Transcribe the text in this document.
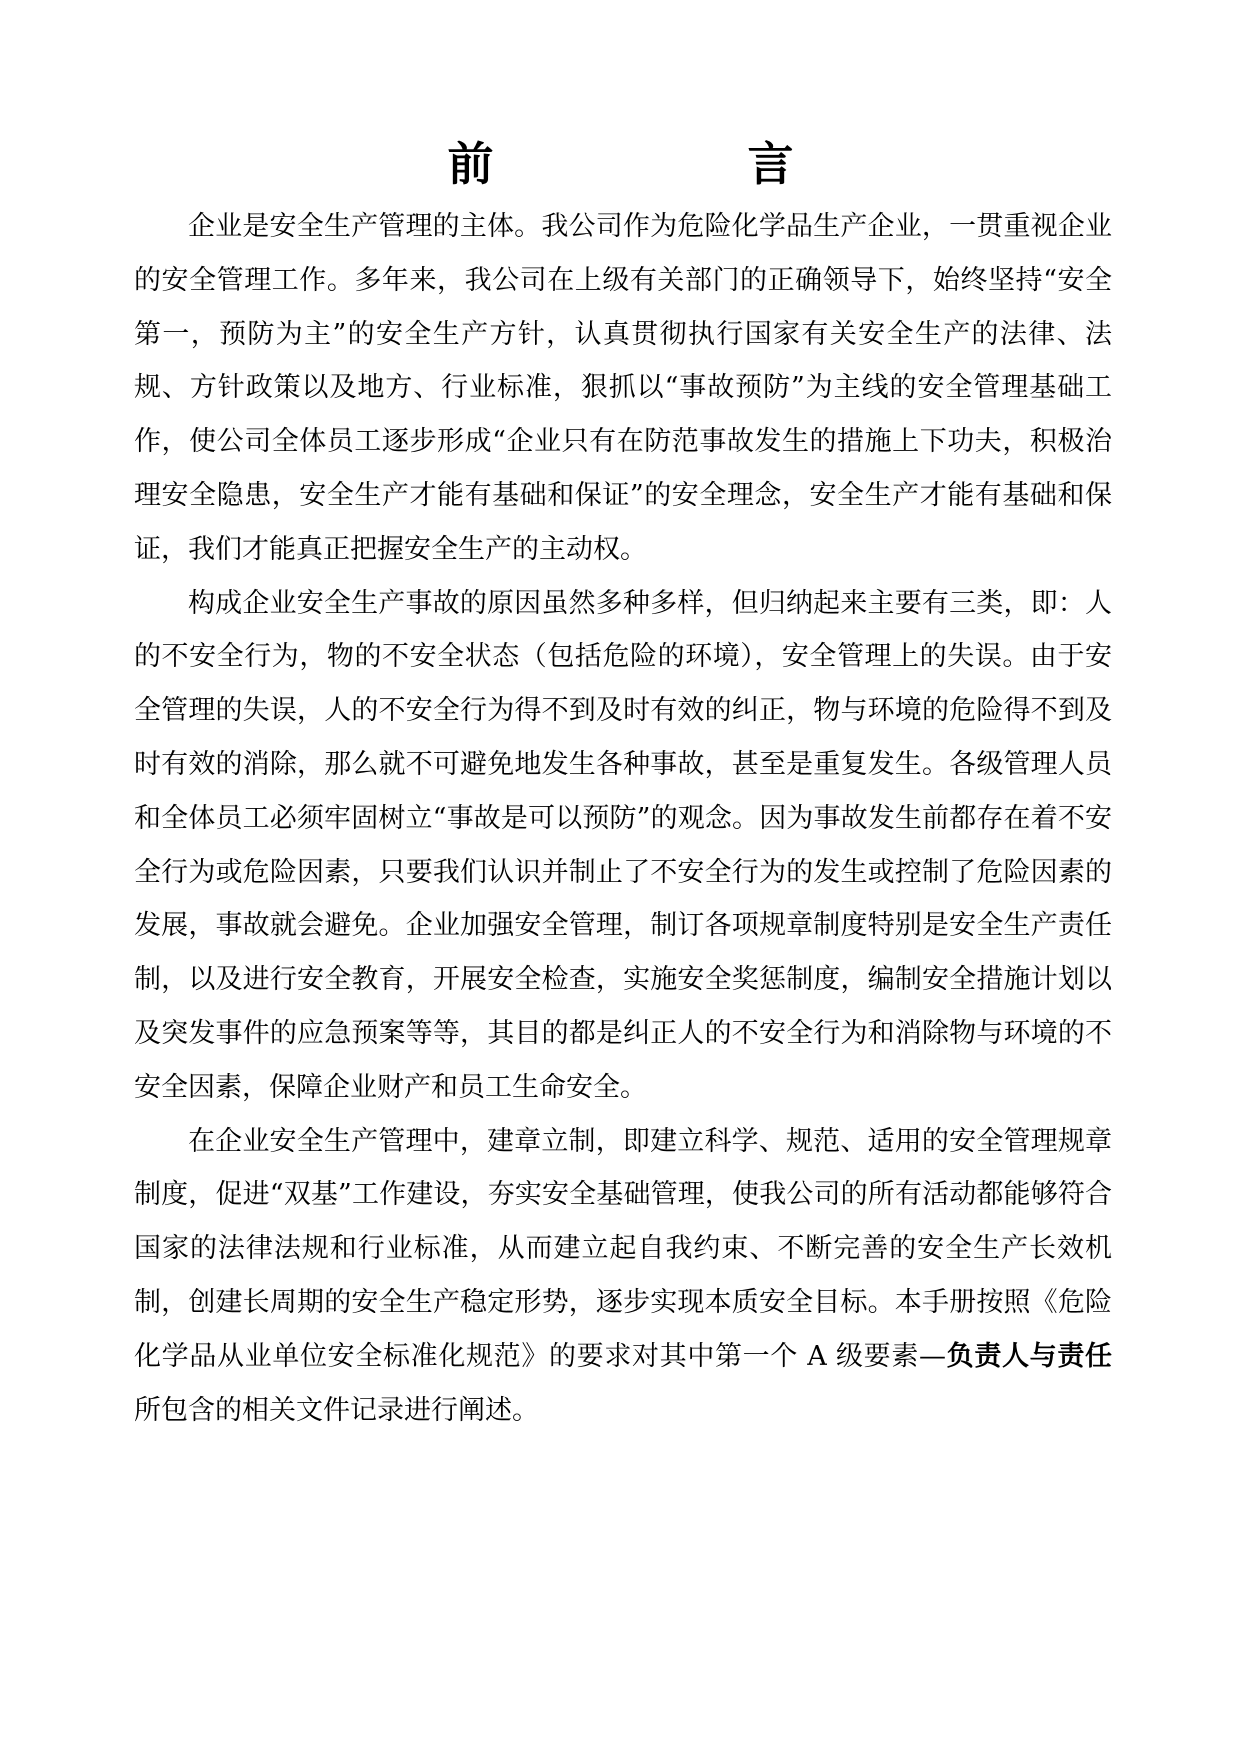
前　言

企业是安全生产管理的主体。我公司作为危险化学品生产企业，一贯重视企业的安全管理工作。多年来，我公司在上级有关部门的正确领导下，始终坚持“安全第一，预防为主”的安全生产方针，认真贯彻执行国家有关安全生产的法律、法规、方针政策以及地方、行业标准，狠抓以“事故预防”为主线的安全管理基础工作，使公司全体员工逐步形成“企业只有在防范事故发生的措施上下功夫，积极治理安全隐患，安全生产才能有基础和保证”的安全理念，安全生产才能有基础和保证，我们才能真正把握安全生产的主动权。

构成企业安全生产事故的原因虽然多种多样，但归纳起来主要有三类，即：人的不安全行为，物的不安全状态（包括危险的环境），安全管理上的失误。由于安全管理的失误，人的不安全行为得不到及时有效的纠正，物与环境的危险得不到及时有效的消除，那么就不可避免地发生各种事故，甚至是重复发生。各级管理人员和全体员工必须牢固树立“事故是可以预防”的观念。因为事故发生前都存在着不安全行为或危险因素，只要我们认识并制止了不安全行为的发生或控制了危险因素的发展，事故就会避免。企业加强安全管理，制订各项规章制度特别是安全生产责任制，以及进行安全教育，开展安全检查，实施安全奖惩制度，编制安全措施计划以及突发事件的应急预案等等，其目的都是纠正人的不安全行为和消除物与环境的不安全因素，保障企业财产和员工生命安全。

在企业安全生产管理中，建章立制，即建立科学、规范、适用的安全管理规章制度，促进“双基”工作建设，夯实安全基础管理，使我公司的所有活动都能够符合国家的法律法规和行业标准，从而建立起自我约束、不断完善的安全生产长效机制，创建长周期的安全生产稳定形势，逐步实现本质安全目标。本手册按照《危险化学品从业单位安全标准化规范》的要求对其中第一个 A 级要素—负责人与责任所包含的相关文件记录进行阐述。
